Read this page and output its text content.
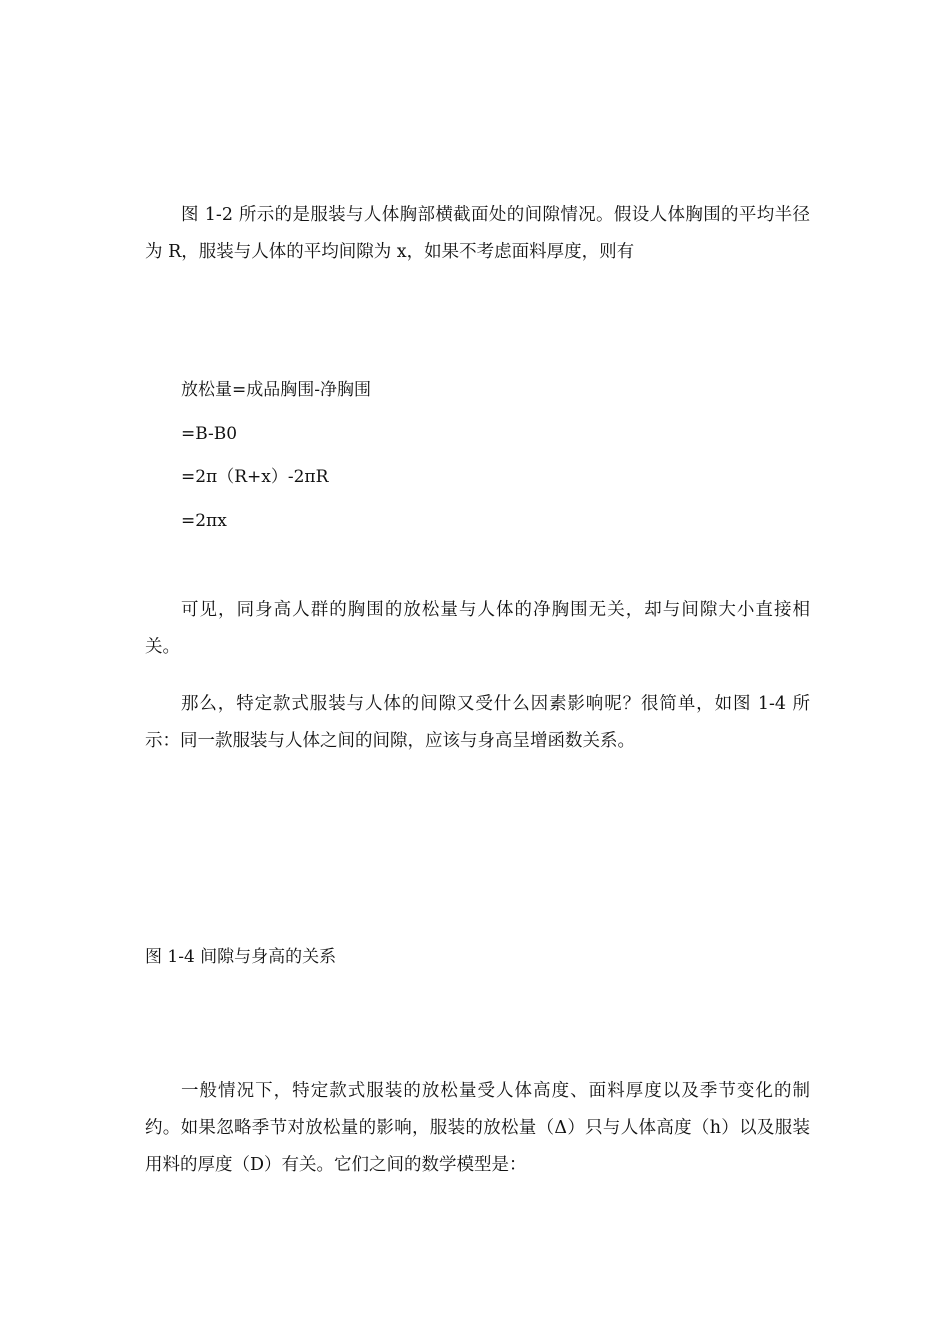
图 1-2 所示的是服装与人体胸部横截面处的间隙情况。假设人体胸围的平均半径为 R，服装与人体的平均间隙为 x，如果不考虑面料厚度，则有

放松量=成品胸围-净胸围

=B-B0

=2π（R+x）-2πR

=2πx

可见，同身高人群的胸围的放松量与人体的净胸围无关，却与间隙大小直接相关。

那么，特定款式服装与人体的间隙又受什么因素影响呢？很简单，如图 1-4 所示：同一款服装与人体之间的间隙，应该与身高呈增函数关系。

图 1-4 间隙与身高的关系

一般情况下，特定款式服装的放松量受人体高度、面料厚度以及季节变化的制约。如果忽略季节对放松量的影响，服装的放松量（Δ）只与人体高度（h）以及服装用料的厚度（D）有关。它们之间的数学模型是：
